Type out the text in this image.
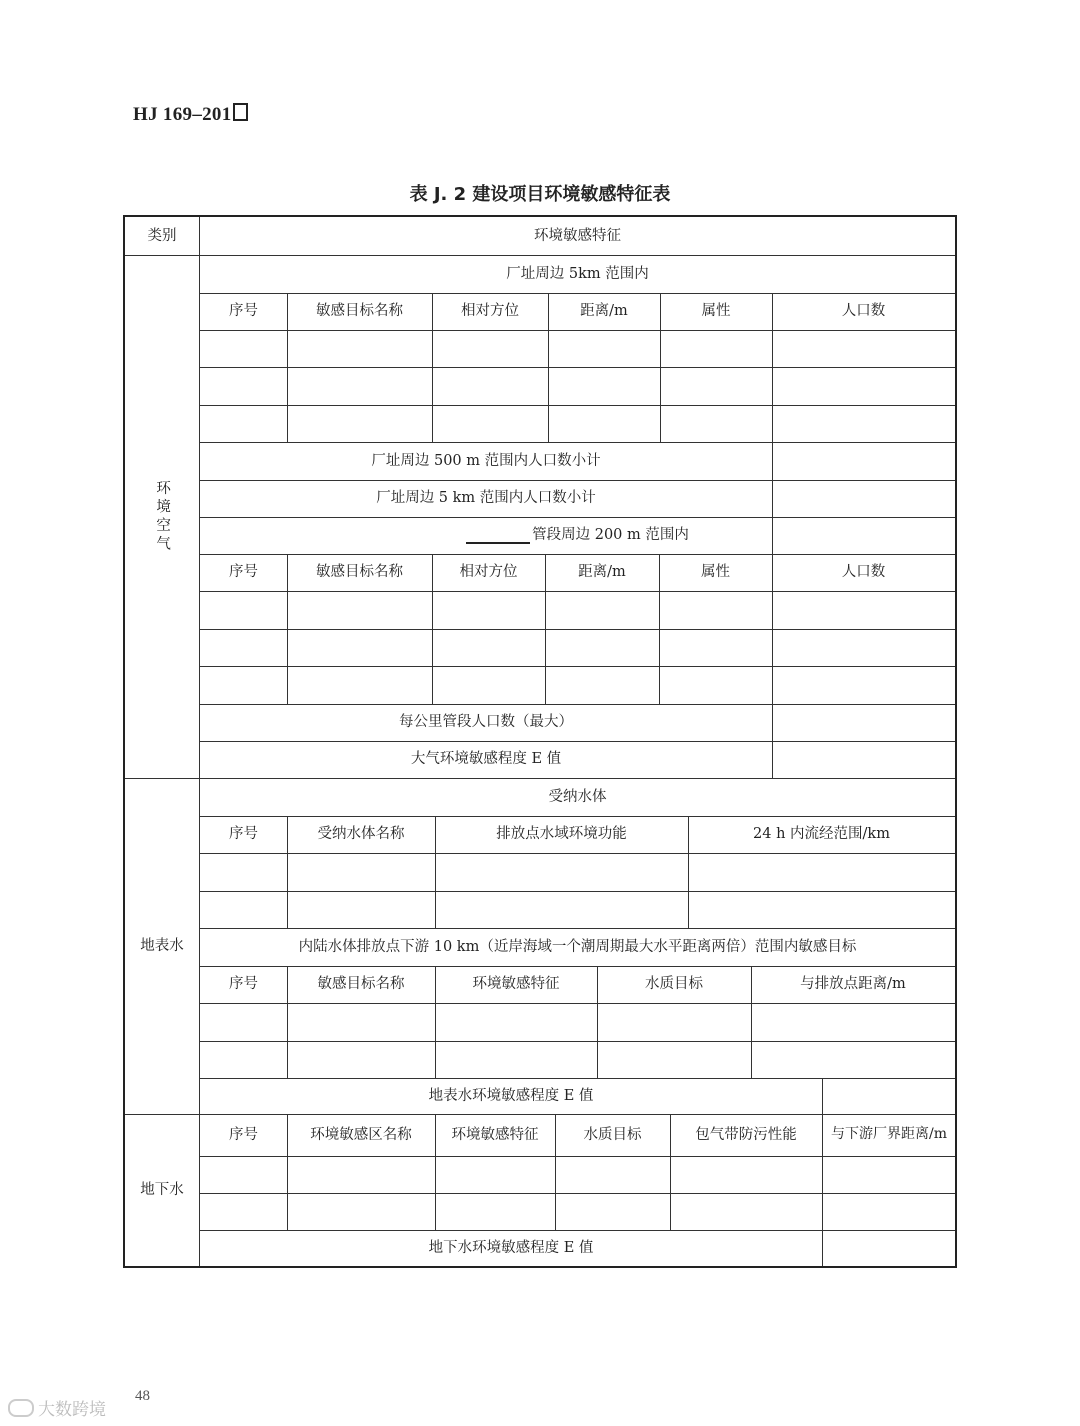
HJ 169–201
表 J. 2 建设项目环境敏感特征表
类别	环境敏感特征
环境空气
厂址周边 5km 范围内
序号	敏感目标名称	相对方位	距离/m	属性	人口数
厂址周边 500 m 范围内人口数小计
厂址周边 5 km 范围内人口数小计
管段周边 200 m 范围内
序号	敏感目标名称	相对方位	距离/m	属性	人口数
每公里管段人口数（最大）
大气环境敏感程度 E 值
地表水
受纳水体
序号	受纳水体名称	排放点水域环境功能	24 h 内流经范围/km
内陆水体排放点下游 10 km（近岸海域一个潮周期最大水平距离两倍）范围内敏感目标
序号	敏感目标名称	环境敏感特征	水质目标	与排放点距离/m
地表水环境敏感程度 E 值
地下水
序号	环境敏感区名称	环境敏感特征	水质目标	包气带防污性能	与下游厂界距离/m
地下水环境敏感程度 E 值
48
大数跨境
